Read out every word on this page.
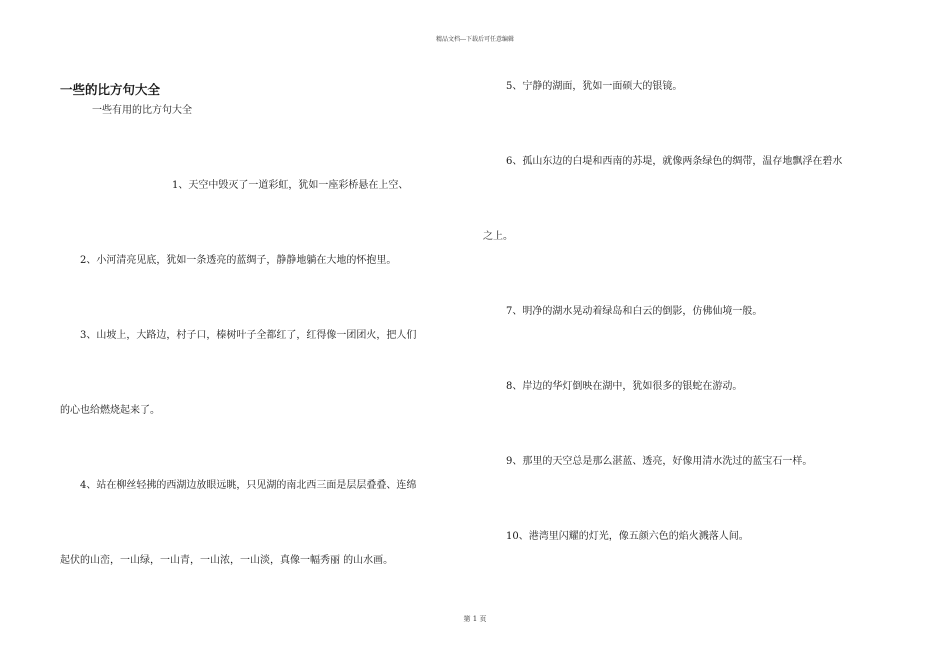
精品文档---下载后可任意编辑
一些的比方句大全
一些有用的比方句大全
1、天空中毁灭了一道彩虹，犹如一座彩桥悬在上空、
2、小河清亮见底，犹如一条透亮的蓝绸子，静静地躺在大地的怀抱里。
3、山坡上，大路边，村子口，榛树叶子全都红了，红得像一团团火，把人们
的心也给燃烧起来了。
4、站在柳丝轻拂的西湖边放眼远眺，只见湖的南北西三面是层层叠叠、连绵
起伏的山峦，一山绿，一山青，一山浓，一山淡，真像一幅秀丽 的山水画。
5、宁静的湖面，犹如一面硕大的银镜。
6、孤山东边的白堤和西南的苏堤，就像两条绿色的绸带，温存地飘浮在碧水
之上。
7、明净的湖水晃动着绿岛和白云的倒影，仿佛仙境一般。
8、岸边的华灯倒映在湖中，犹如很多的银蛇在游动。
9、那里的天空总是那么湛蓝、透亮，好像用清水洗过的蓝宝石一样。
10、港湾里闪耀的灯光，像五颜六色的焰火溅落人间。
第 1 页
